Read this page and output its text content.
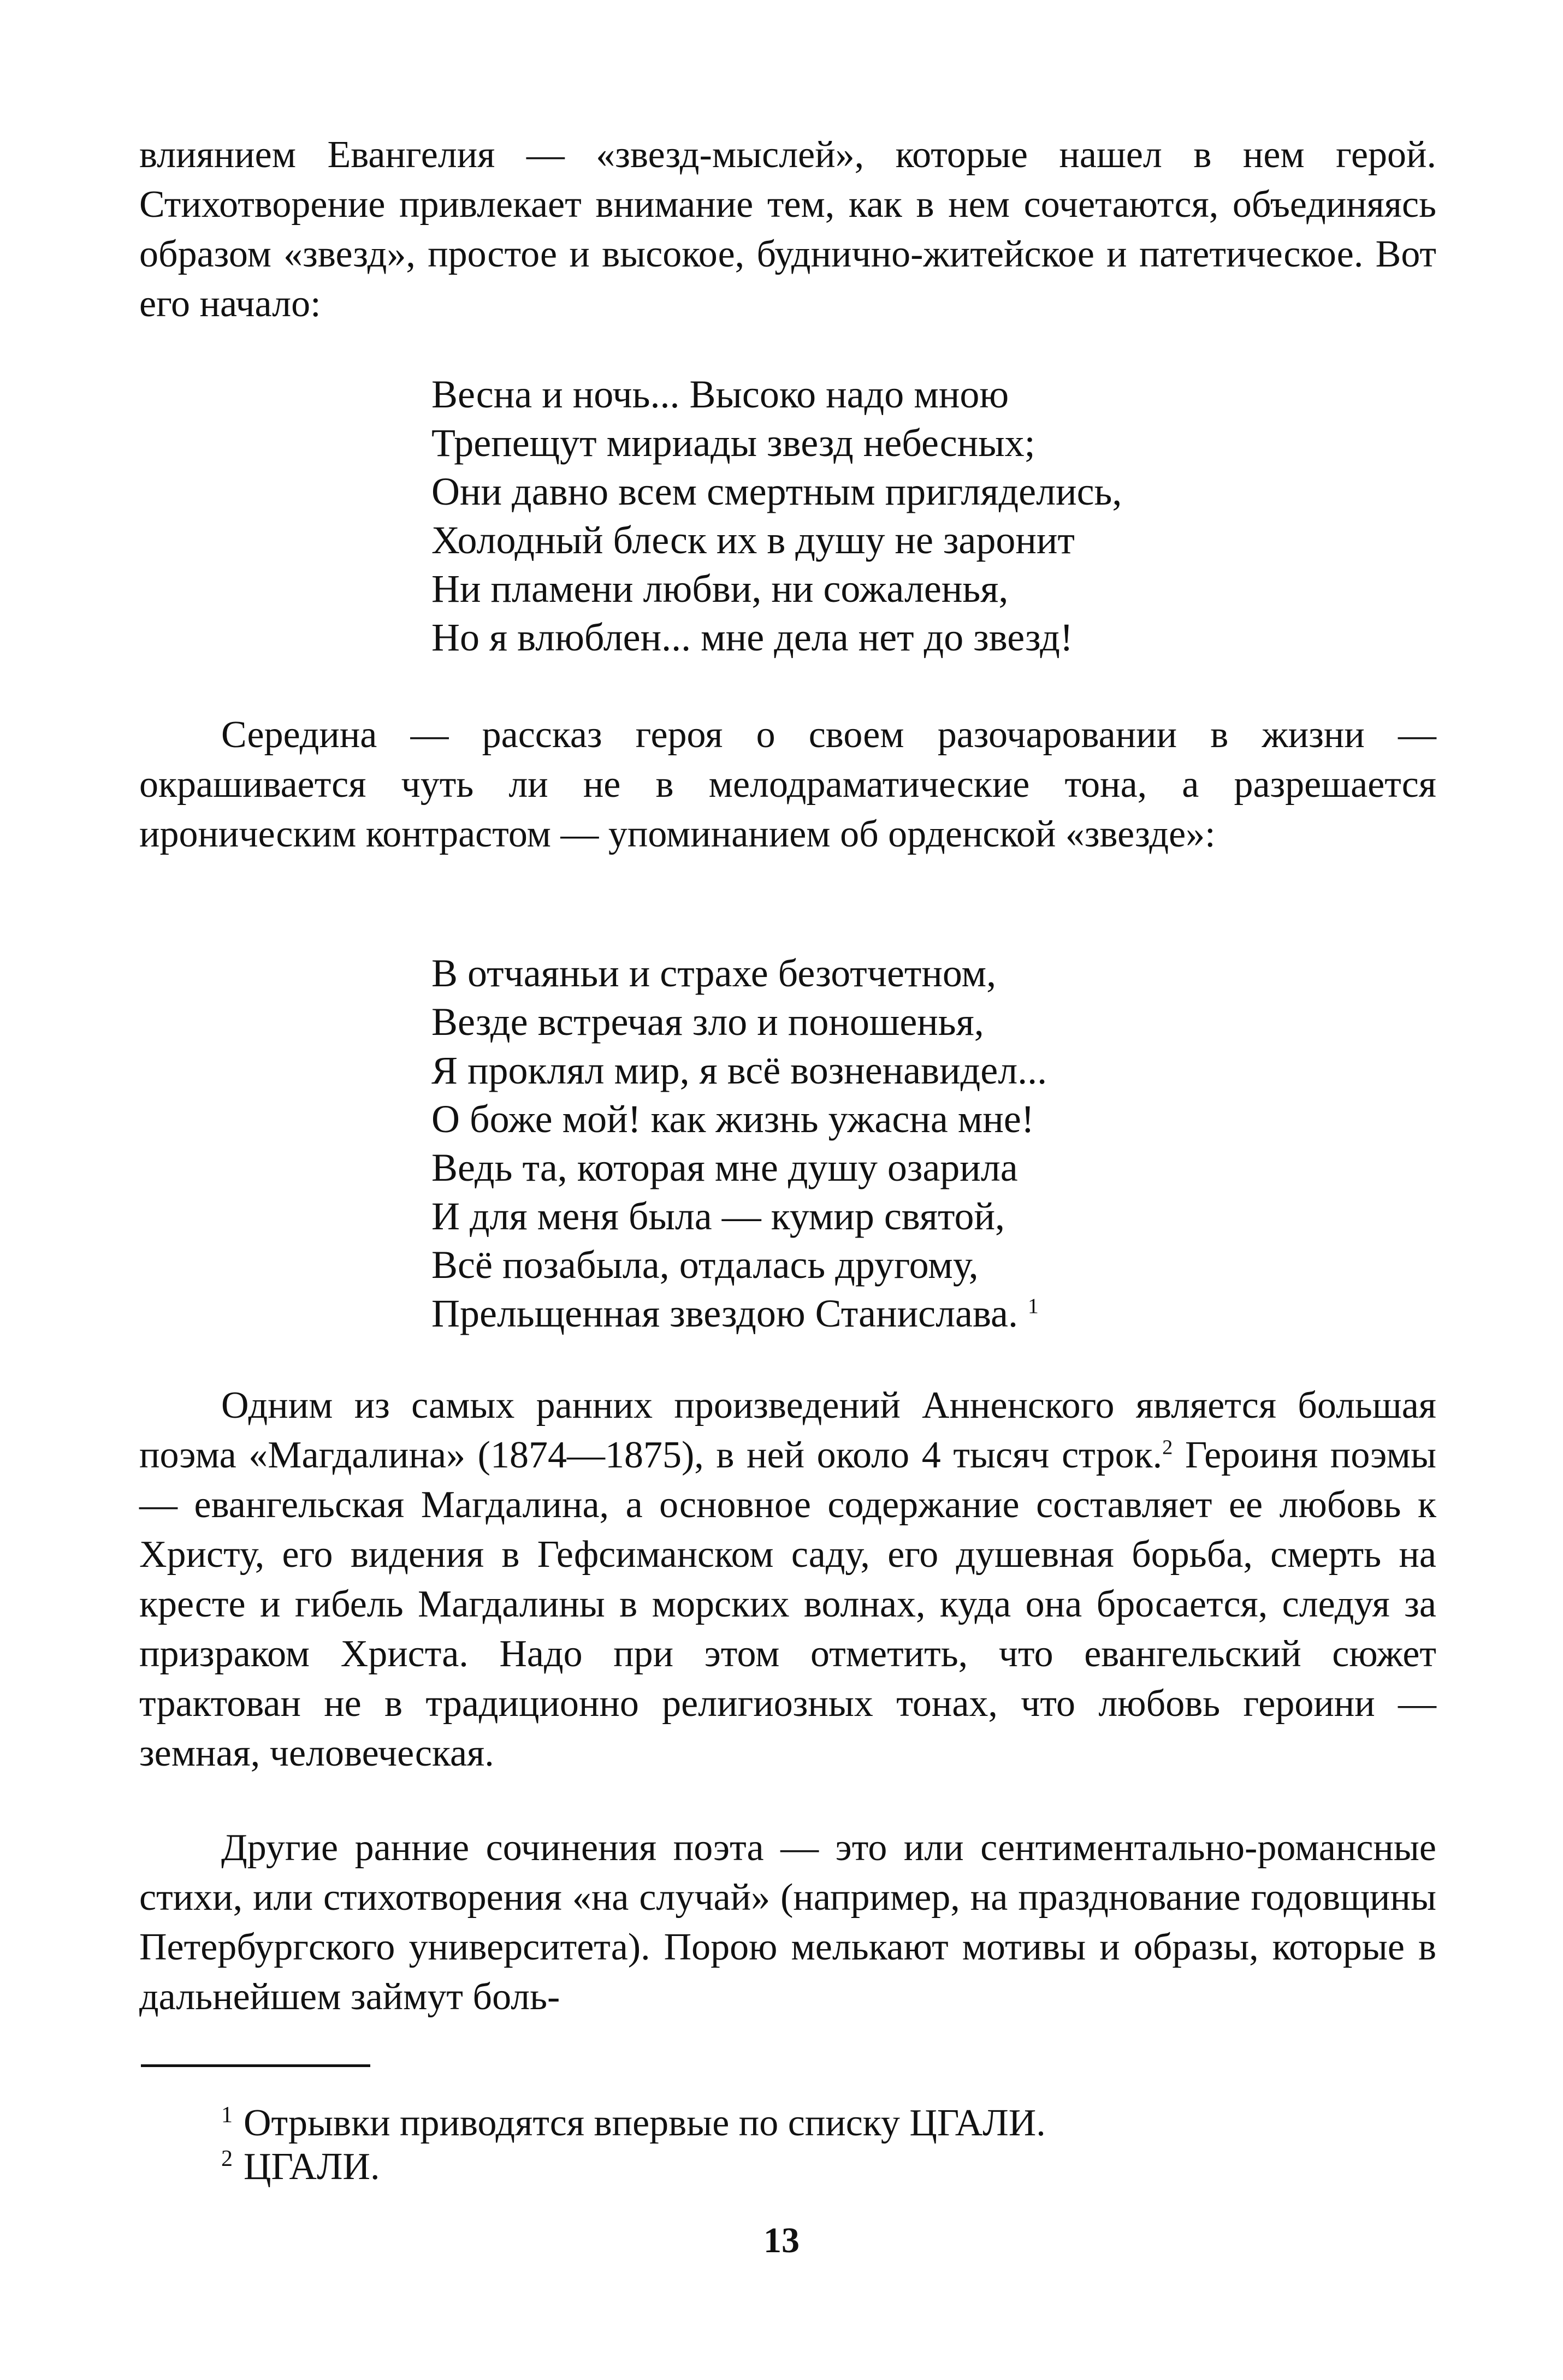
влиянием Евангелия — «звезд-мыслей», которые нашел в нем герой. Стихотворение привлекает внимание тем, как в нем сочетаются, объединяясь образом «звезд», простое и высокое, буднично-житейское и патетическое. Вот его начало:

Весна и ночь... Высоко надо мною
Трепещут мириады звезд небесных;
Они давно всем смертным пригляделись,
Холодный блеск их в душу не заронит
Ни пламени любви, ни сожаленья,
Но я влюблен... мне дела нет до звезд!

Середина — рассказ героя о своем разочаровании в жизни — окрашивается чуть ли не в мелодраматические тона, а разрешается ироническим контрастом — упоминанием об орденской «звезде»:

В отчаяньи и страхе безотчетном,
Везде встречая зло и поношенья,
Я проклял мир, я всё возненавидел...
О боже мой! как жизнь ужасна мне!
Ведь та, которая мне душу озарила
И для меня была — кумир святой,
Всё позабыла, отдалась другому,
Прельщенная звездою Станислава. $^1$

Одним из самых ранних произведений Анненского является большая поэма «Магдалина» (1874—1875), в ней около 4 тысяч строк.$^2$ Героиня поэмы — евангельская Магдалина, а основное содержание составляет ее любовь к Христу, его видения в Гефсиманском саду, его душевная борьба, смерть на кресте и гибель Магдалины в морских волнах, куда она бросается, следуя за призраком Христа. Надо при этом отметить, что евангельский сюжет трактован не в традиционно религиозных тонах, что любовь героини — земная, человеческая.

Другие ранние сочинения поэта — это или сентиментально-романсные стихи, или стихотворения «на случай» (например, на празднование годовщины Петербургского университета). Порою мелькают мотивы и образы, которые в дальнейшем займут боль-

$^1$ Отрывки приводятся впервые по списку ЦГАЛИ.
$^2$ ЦГАЛИ.
13
